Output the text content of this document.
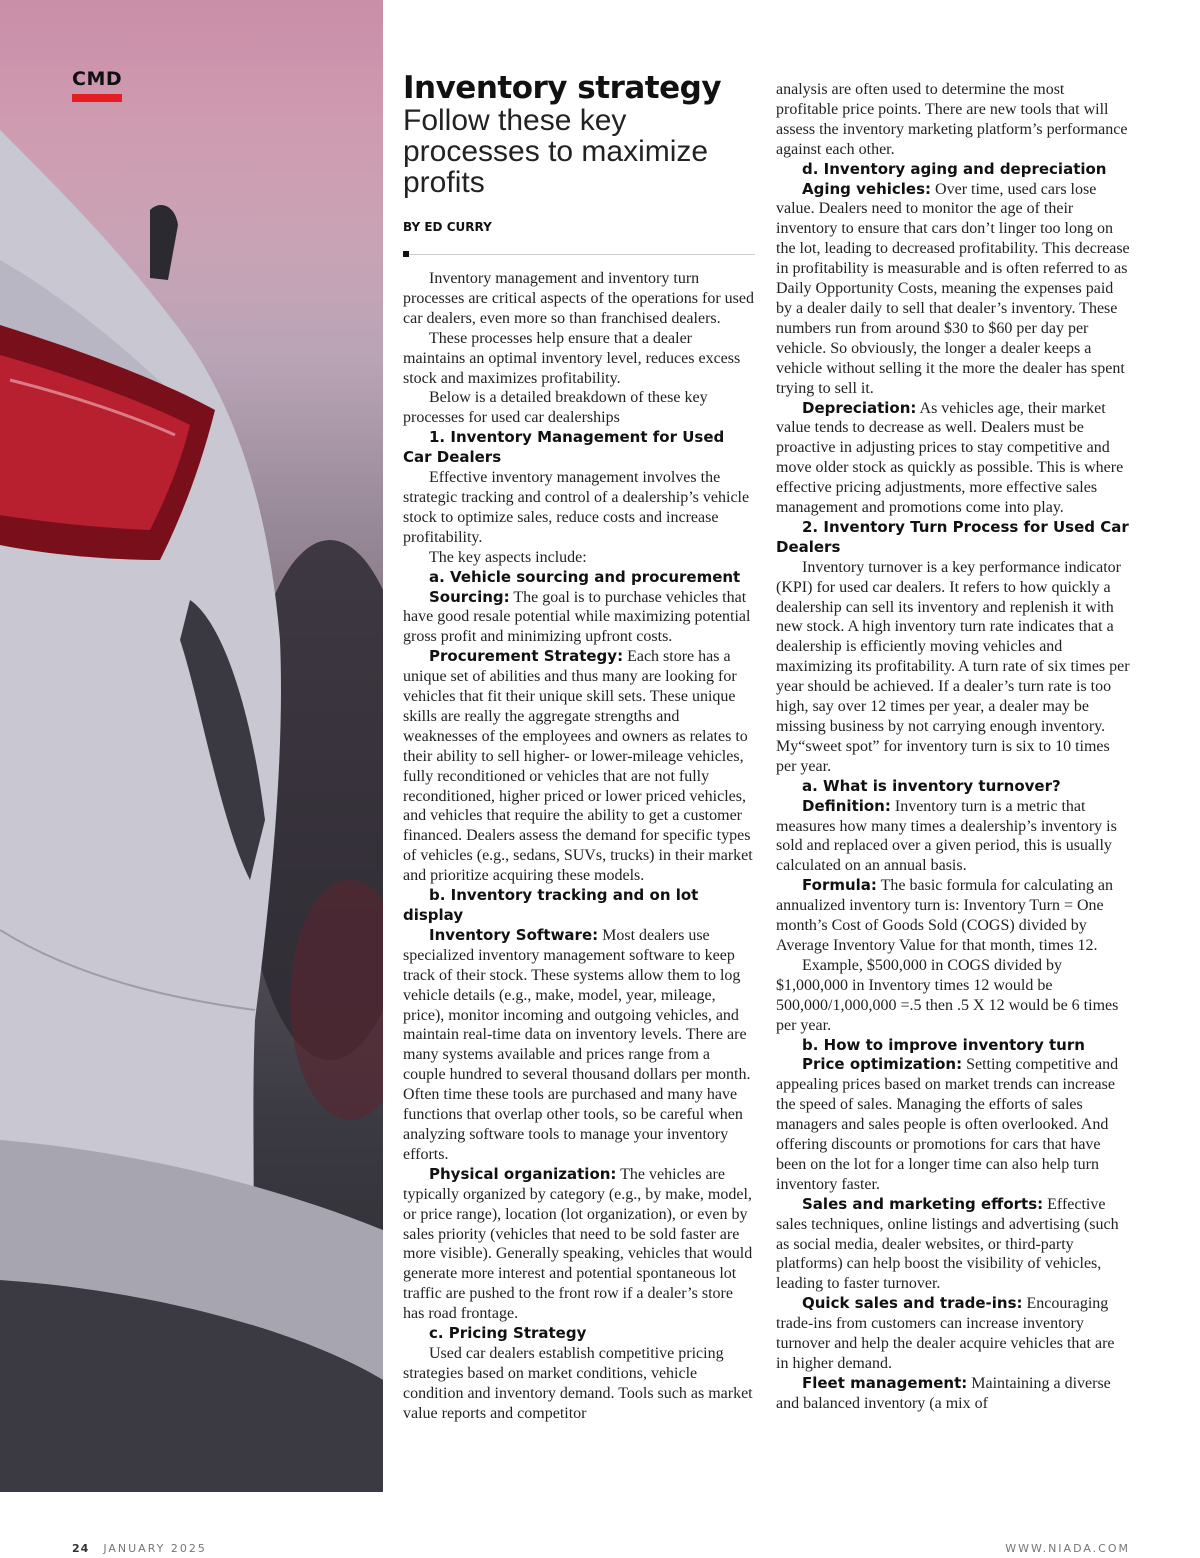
CMD	Inventory strategy
Follow these key processes to maximize profits
BY ED CURRY

Inventory management and inventory turn processes are critical aspects of the operations for used car dealers, even more so than franchised dealers.

These processes help ensure that a dealer maintains an optimal inventory level, reduces excess stock and maximizes profitability.

Below is a detailed breakdown of these key processes for used car dealerships

1. Inventory Management for Used Car Dealers

Effective inventory management involves the strategic tracking and control of a dealership’s vehicle stock to optimize sales, reduce costs and increase profitability.

The key aspects include:

a. Vehicle sourcing and procurement

Sourcing: The goal is to purchase vehicles that have good resale potential while maximizing potential gross profit and minimizing upfront costs.

Procurement Strategy: Each store has a unique set of abilities and thus many are looking for vehicles that fit their unique skill sets. These unique skills are really the aggregate strengths and weaknesses of the employees and owners as relates to their ability to sell higher- or lower-mileage vehicles, fully reconditioned or vehicles that are not fully reconditioned, higher priced or lower priced vehicles, and vehicles that require the ability to get a customer financed. Dealers assess the demand for specific types of vehicles (e.g., sedans, SUVs, trucks) in their market and prioritize acquiring these models.

b. Inventory tracking and on lot display

Inventory Software: Most dealers use specialized inventory management software to keep track of their stock. These systems allow them to log vehicle details (e.g., make, model, year, mileage, price), monitor incoming and outgoing vehicles, and maintain real-time data on inventory levels. There are many systems available and prices range from a couple hundred to several thousand dollars per month. Often time these tools are purchased and many have functions that overlap other tools, so be careful when analyzing software tools to manage your inventory efforts.

Physical organization: The vehicles are typically organized by category (e.g., by make, model, or price range), location (lot organization), or even by sales priority (vehicles that need to be sold faster are more visible). Generally speaking, vehicles that would generate more interest and potential spontaneous lot traffic are pushed to the front row if a dealer’s store has road frontage.

c. Pricing Strategy

Used car dealers establish competitive pricing strategies based on market conditions, vehicle condition and inventory demand. Tools such as market value reports and competitor

analysis are often used to determine the most profitable price points. There are new tools that will assess the inventory marketing platform’s performance against each other.

d. Inventory aging and depreciation

Aging vehicles: Over time, used cars lose value. Dealers need to monitor the age of their inventory to ensure that cars don’t linger too long on the lot, leading to decreased profitability. This decrease in profitability is measurable and is often referred to as Daily Opportunity Costs, meaning the expenses paid by a dealer daily to sell that dealer’s inventory. These numbers run from around $30 to $60 per day per vehicle. So obviously, the longer a dealer keeps a vehicle without selling it the more the dealer has spent trying to sell it.

Depreciation: As vehicles age, their market value tends to decrease as well. Dealers must be proactive in adjusting prices to stay competitive and move older stock as quickly as possible. This is where effective pricing adjustments, more effective sales management and promotions come into play.

2. Inventory Turn Process for Used Car Dealers

Inventory turnover is a key performance indicator (KPI) for used car dealers. It refers to how quickly a dealership can sell its inventory and replenish it with new stock. A high inventory turn rate indicates that a dealership is efficiently moving vehicles and maximizing its profitability. A turn rate of six times per year should be achieved. If a dealer’s turn rate is too high, say over 12 times per year, a dealer may be missing business by not carrying enough inventory. My“sweet spot” for inventory turn is six to 10 times per year.

a. What is inventory turnover?

Definition: Inventory turn is a metric that measures how many times a dealership’s inventory is sold and replaced over a given period, this is usually calculated on an annual basis.

Formula: The basic formula for calculating an annualized inventory turn is: Inventory Turn = One month’s Cost of Goods Sold (COGS) divided by Average Inventory Value for that month, times 12.

Example, $500,000 in COGS divided by $1,000,000 in Inventory times 12 would be 500,000/1,000,000 =.5 then .5 X 12 would be 6 times per year.

b. How to improve inventory turn

Price optimization: Setting competitive and appealing prices based on market trends can increase the speed of sales. Managing the efforts of sales managers and sales people is often overlooked. And offering discounts or promotions for cars that have been on the lot for a longer time can also help turn inventory faster.

Sales and marketing efforts: Effective sales techniques, online listings and advertising (such as social media, dealer websites, or third-party platforms) can help boost the visibility of vehicles, leading to faster turnover.

Quick sales and trade-ins: Encouraging trade-ins from customers can increase inventory turnover and help the dealer acquire vehicles that are in higher demand.

Fleet management: Maintaining a diverse and balanced inventory (a mix of

24 JANUARY 2025	WWW.NIADA.COM
